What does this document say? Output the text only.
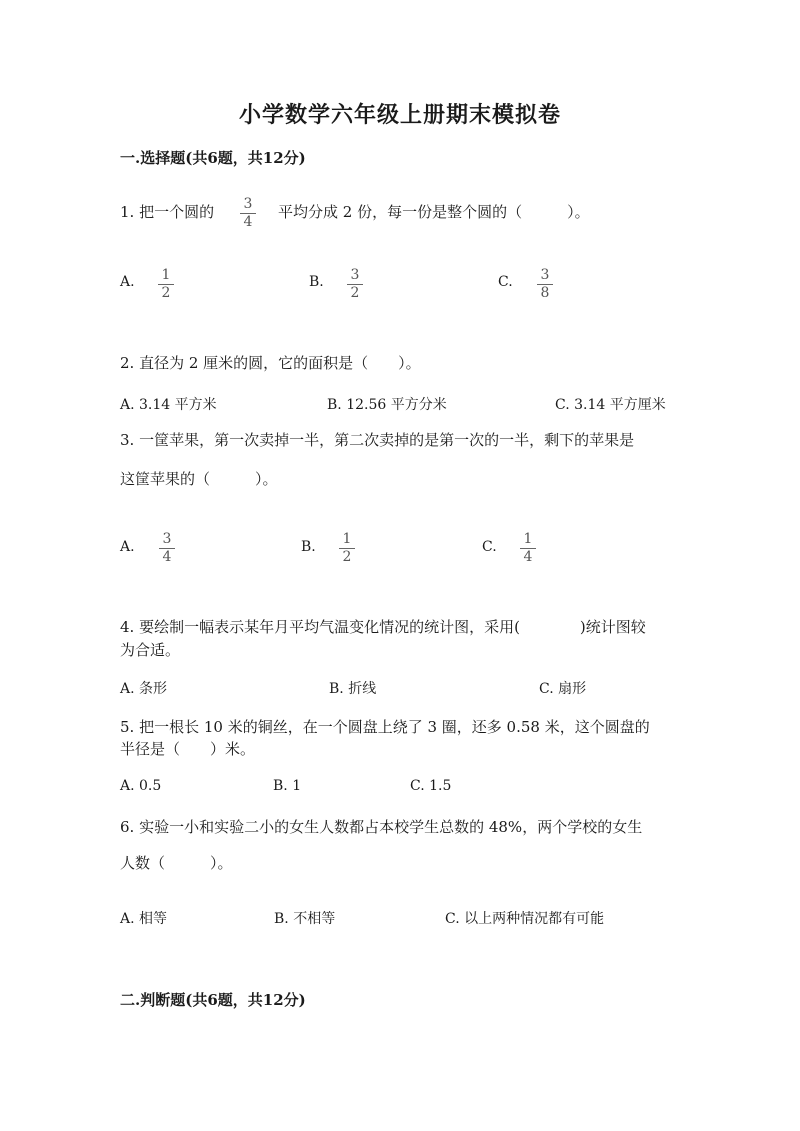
小学数学六年级上册期末模拟卷
一.选择题(共6题，共12分)
1. 把一个圆的 $\frac{3}{4}$ 平均分成 2 份，每一份是整个圆的（　　　）。
A. $\frac{1}{2}$	B. $\frac{3}{2}$	C. $\frac{3}{8}$
2. 直径为 2 厘米的圆，它的面积是（　　）。
A. 3.14 平方米	B. 12.56 平方分米	C. 3.14 平方厘米
3. 一筐苹果，第一次卖掉一半，第二次卖掉的是第一次的一半，剩下的苹果是
这筐苹果的（　　　）。
A. $\frac{3}{4}$	B. $\frac{1}{2}$	C. $\frac{1}{4}$
4. 要绘制一幅表示某年月平均气温变化情况的统计图，采用(　　　　)统计图较
为合适。
A. 条形	B. 折线	C. 扇形
5. 把一根长 10 米的铜丝，在一个圆盘上绕了 3 圈，还多 0.58 米，这个圆盘的
半径是（　　）米。
A. 0.5	B. 1	C. 1.5
6. 实验一小和实验二小的女生人数都占本校学生总数的 48%，两个学校的女生
人数（　　　）。
A. 相等	B. 不相等	C. 以上两种情况都有可能
二.判断题(共6题，共12分)
